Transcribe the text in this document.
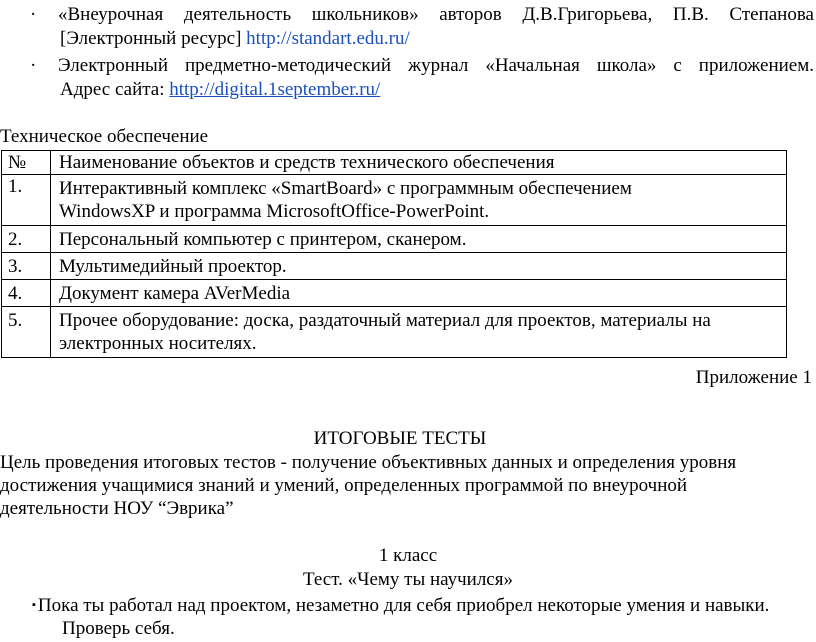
· «Внеурочная деятельность школьников» авторов Д.В.Григорьева, П.В. Степанова
[Электронный ресурс] http://standart.edu.ru/
· Электронный предметно-методический журнал «Начальная школа» с приложением.
Адрес сайта: http://digital.1september.ru/
Техническое обеспечение
№	Наименование объектов и средств технического обеспечения
1.	Интерактивный комплекс «SmartBoard» с программным обеспечением
WindowsXP и программа MicrosoftOffice-PowerPoint.

2.	Персональный компьютер с принтером, сканером.

3.	Мультимедийный проектор.

4.	Документ камера AVerMedia

5.	Прочее оборудование: доска, раздаточный материал для проектов, материалы на
электронных носителях.
Приложение 1
ИТОГОВЫЕ ТЕСТЫ
Цель проведения итоговых тестов - получение объективных данных и определения уровня
достижения учащимися знаний и умений, определенных программой по внеурочной
деятельности НОУ “Эврика”
1 класс
Тест. «Чему ты научился»
▪ Пока ты работал над проектом, незаметно для себя приобрел некоторые умения и навыки.
Проверь себя.
